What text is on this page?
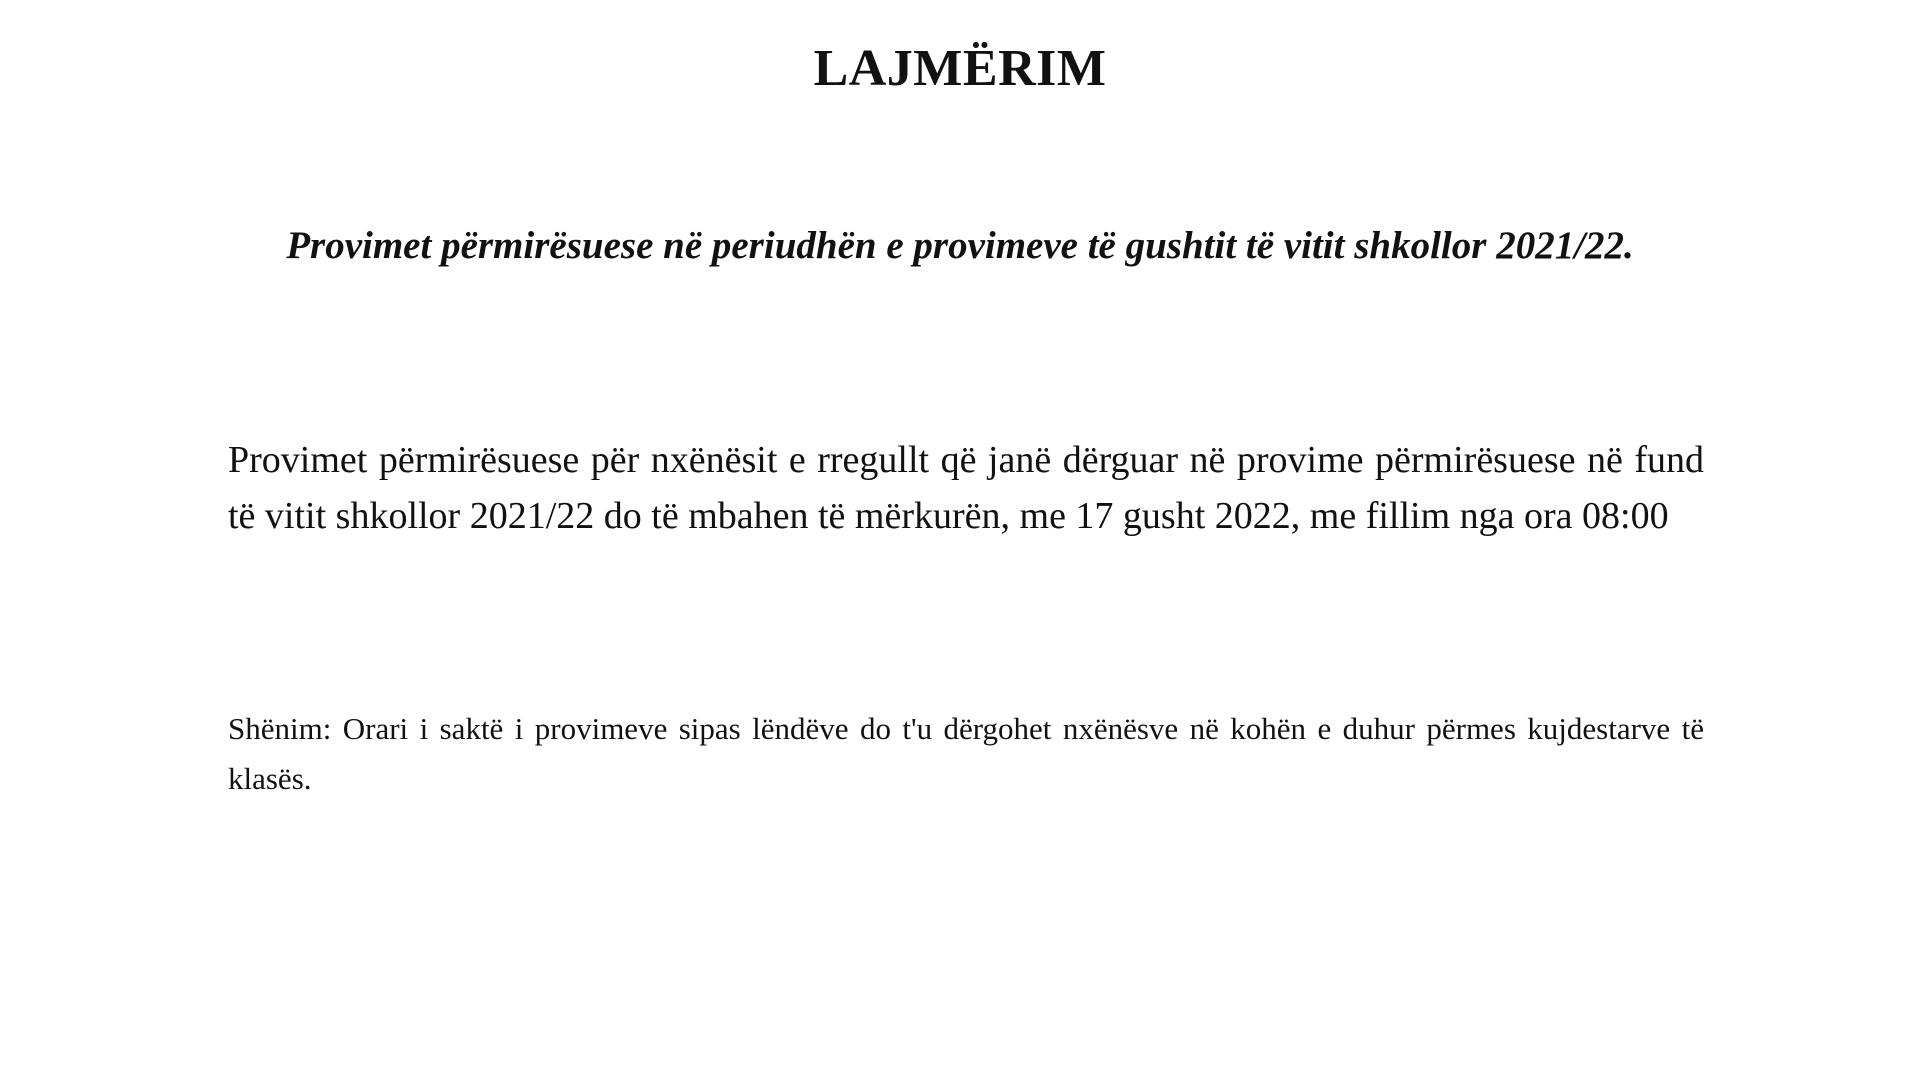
LAJMËRIM

Provimet përmirësuese në periudhën e provimeve të gushtit të vitit shkollor 2021/22.

Provimet përmirësuese për nxënësit e rregullt që janë dërguar në provime përmirësuese në fund të vitit shkollor 2021/22 do të mbahen të mërkurën, me 17 gusht 2022, me fillim nga ora 08:00

Shënim: Orari i saktë i provimeve sipas lëndëve do t'u dërgohet nxënësve në kohën e duhur përmes kujdestarve të klasës.
